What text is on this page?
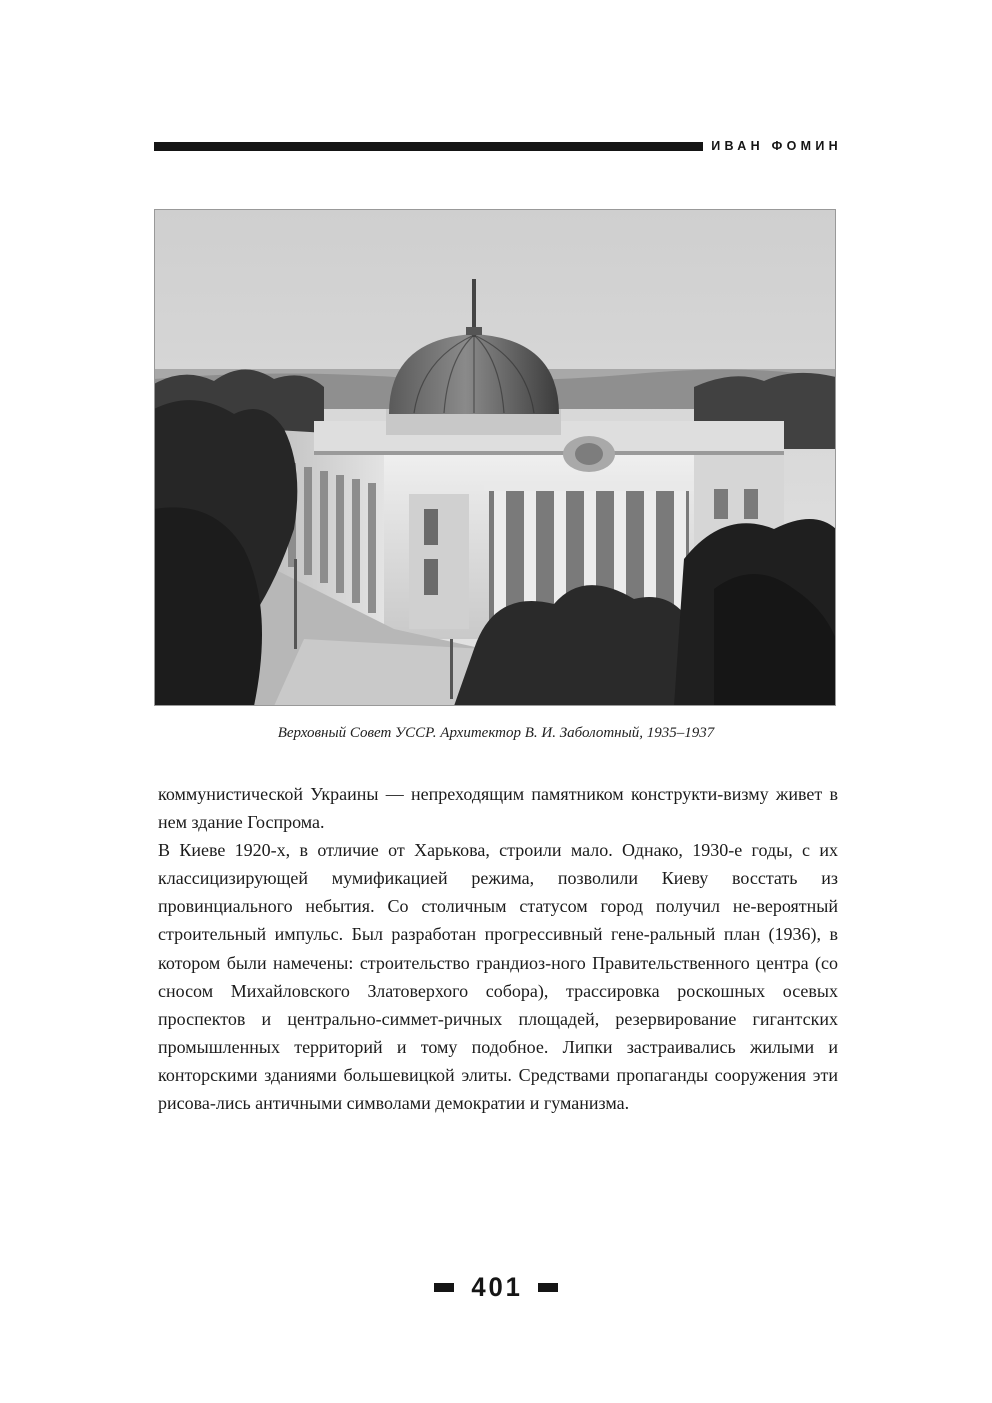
ИВАН ФОМИН
Верховный Совет УССР. Архитектор В. И. Заболотный, 1935–1937

коммунистической Украины — непреходящим памятником конструкти-визму живет в нем здание Госпрома.

В Киеве 1920-х, в отличие от Харькова, строили мало. Однако, 1930-е годы, с их классицизирующей мумификацией режима, позволили Киеву восстать из провинциального небытия. Со столичным статусом город получил не-вероятный строительный импульс. Был разработан прогрессивный гене-ральный план (1936), в котором были намечены: строительство грандиоз-ного Правительственного центра (со сносом Михайловского Златоверхого собора), трассировка роскошных осевых проспектов и центрально-симмет-ричных площадей, резервирование гигантских промышленных территорий и тому подобное. Липки застраивались жилыми и конторскими зданиями большевицкой элиты. Средствами пропаганды сооружения эти рисова-лись античными символами демократии и гуманизма.

401
